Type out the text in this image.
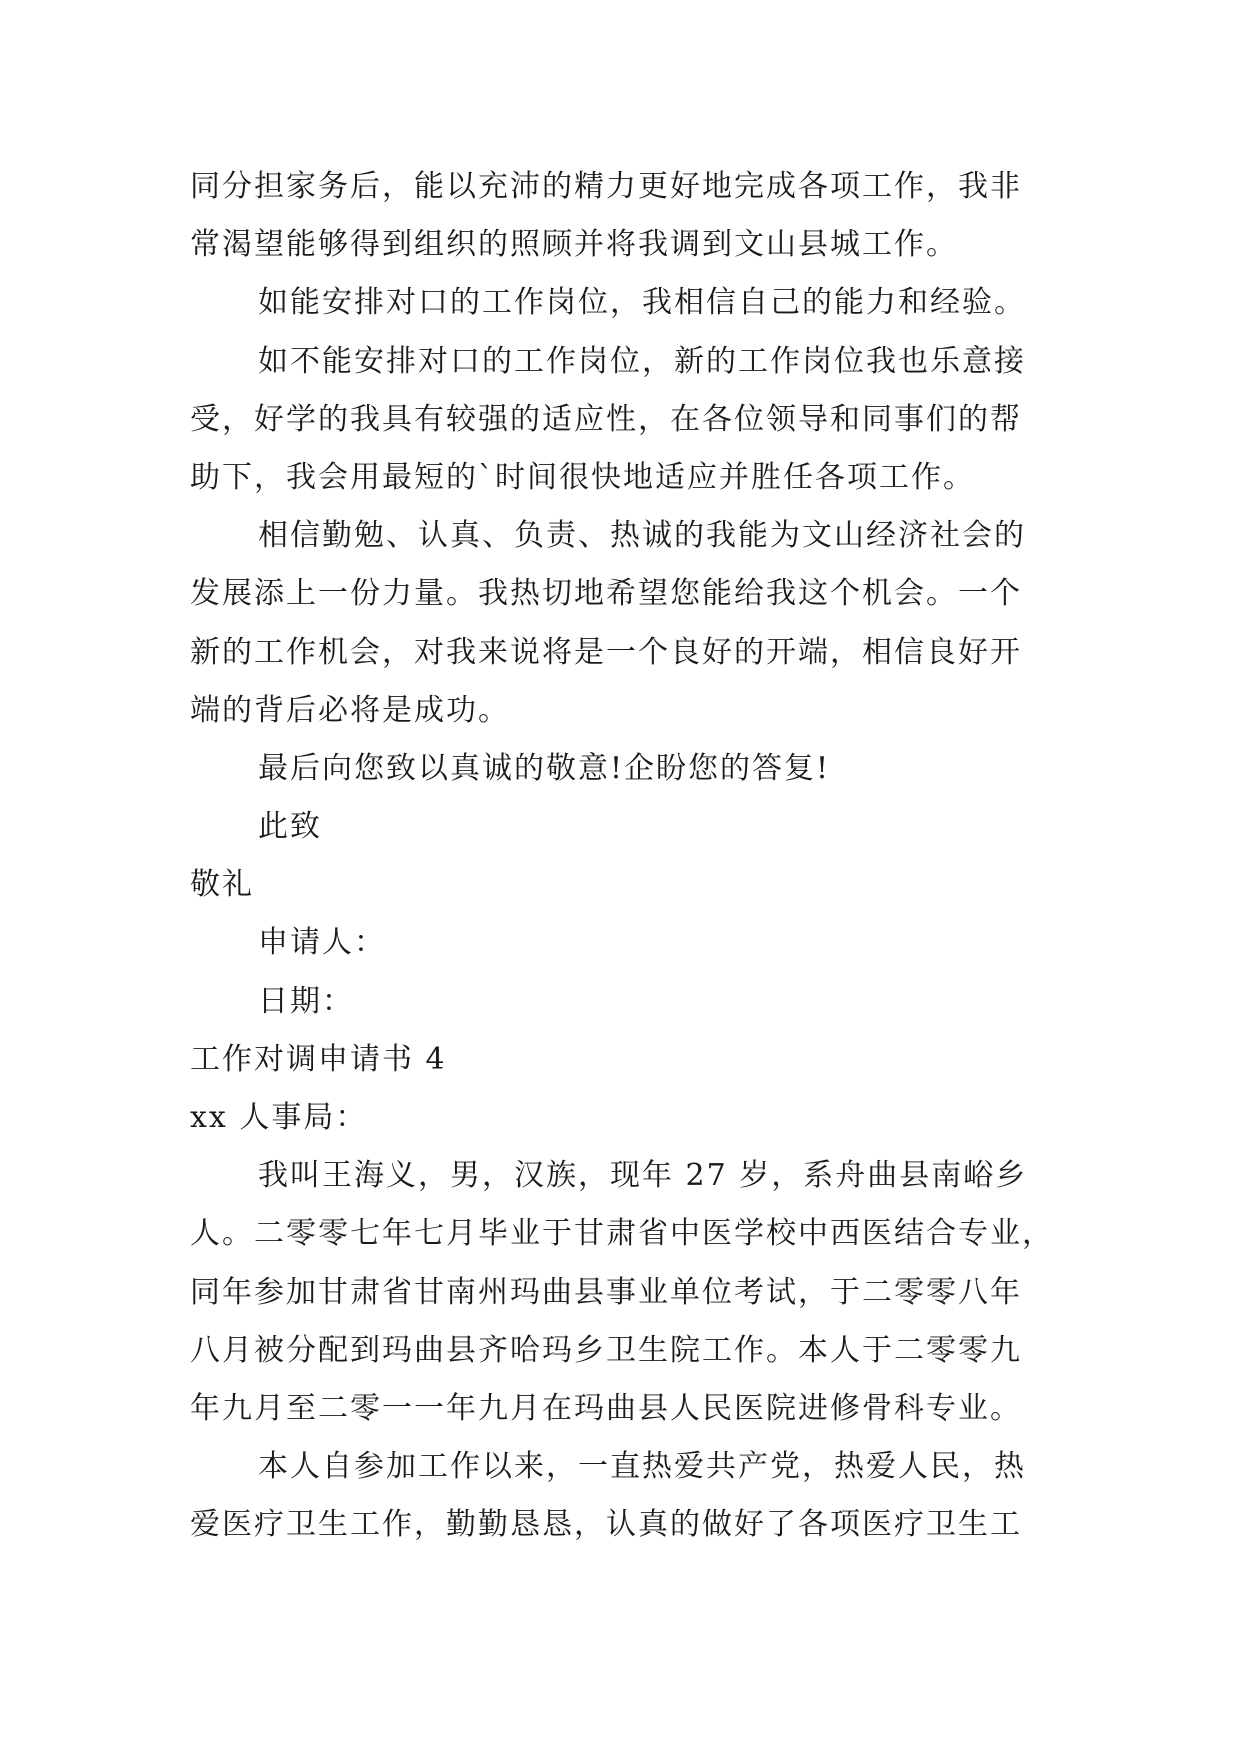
同分担家务后，能以充沛的精力更好地完成各项工作，我非
常渴望能够得到组织的照顾并将我调到文山县城工作。
如能安排对口的工作岗位，我相信自己的能力和经验。
如不能安排对口的工作岗位，新的工作岗位我也乐意接
受，好学的我具有较强的适应性，在各位领导和同事们的帮
助下，我会用最短的`时间很快地适应并胜任各项工作。
相信勤勉、认真、负责、热诚的我能为文山经济社会的
发展添上一份力量。我热切地希望您能给我这个机会。一个
新的工作机会，对我来说将是一个良好的开端，相信良好开
端的背后必将是成功。
最后向您致以真诚的敬意!企盼您的答复!
此致
敬礼
申请人：
日期：
工作对调申请书 4
xx 人事局：
我叫王海义，男，汉族，现年 27 岁，系舟曲县南峪乡
人。二零零七年七月毕业于甘肃省中医学校中西医结合专业，
同年参加甘肃省甘南州玛曲县事业单位考试，于二零零八年
八月被分配到玛曲县齐哈玛乡卫生院工作。本人于二零零九
年九月至二零一一年九月在玛曲县人民医院进修骨科专业。
本人自参加工作以来，一直热爱共产党，热爱人民，热
爱医疗卫生工作，勤勤恳恳，认真的做好了各项医疗卫生工
